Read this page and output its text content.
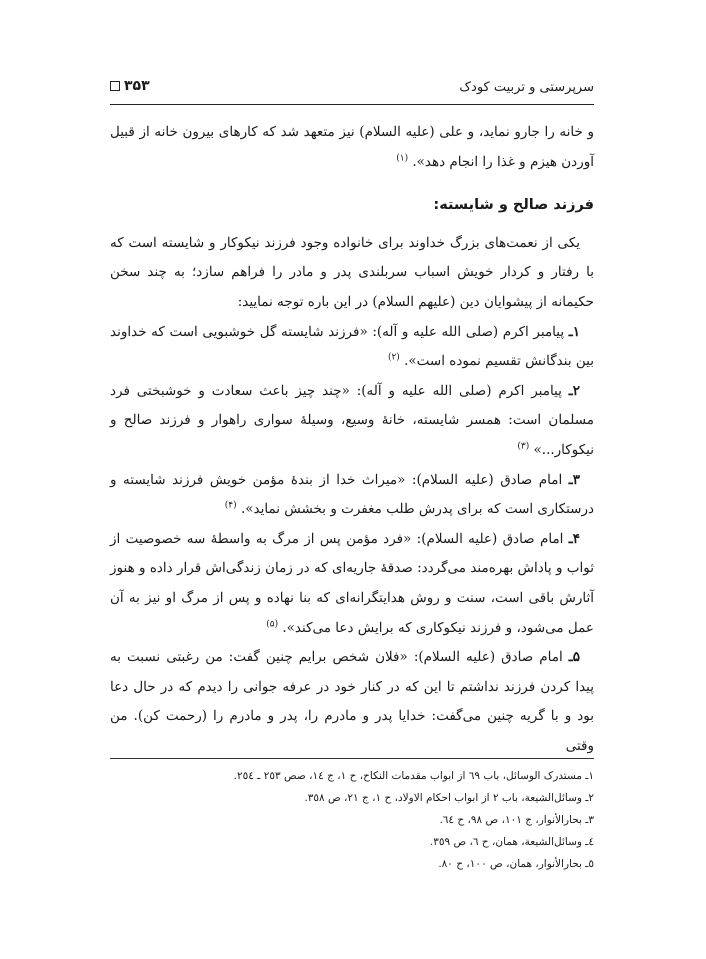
سرپرستی و تربیت کودک
۳۵۳

و خانه را جارو نماید، و علی (علیه السلام) نیز متعهد شد که کارهای بیرون خانه از قبیل آوردن هیزم و غذا را انجام دهد». $^{(۱)}$

فرزند صالح و شایسته:

یکی از نعمت‌های بزرگ خداوند برای خانواده وجود فرزند نیکوکار و شایسته است که با رفتار و کردار خویش اسباب سربلندی پدر و مادر را فراهم سازد؛ به چند سخن حکیمانه از پیشوایان دین (علیهم السلام) در این باره توجه نمایید:

۱ـ پیامبر اکرم (صلی الله علیه و آله): «فرزند شایسته گل خوشبویی است که خداوند بین بندگانش تقسیم نموده است». $^{(۲)}$

۲ـ پیامبر اکرم (صلی الله علیه و آله): «چند چیز باعث سعادت و خوشبختی فرد مسلمان است: همسر شایسته، خانهٔ وسیع، وسیلهٔ سواری راهوار و فرزند صالح و نیکوکار...» $^{(۳)}$

۳ـ امام صادق (علیه السلام): «میراث خدا از بندهٔ مؤمن خویش فرزند شایسته و درستکاری است که برای پدرش طلب مغفرت و بخشش نماید». $^{(۴)}$

۴ـ امام صادق (علیه السلام): «فرد مؤمن پس از مرگ به واسطهٔ سه خصوصیت از ثواب و پاداش بهره‌مند می‌گردد: صدقهٔ جاریه‌ای که در زمان زندگی‌اش قرار داده و هنوز آثارش باقی است، سنت و روش هدایتگرانه‌ای که بنا نهاده و پس از مرگ او نیز به آن عمل می‌شود، و فرزند نیکوکاری که برایش دعا می‌کند». $^{(۵)}$

۵ـ امام صادق (علیه السلام): «فلان شخص برایم چنین گفت: من رغبتی نسبت به پیدا کردن فرزند نداشتم تا این که در کنار خود در عرفه جوانی را دیدم که در حال دعا بود و با گریه چنین می‌گفت: خدایا پدر و مادرم را، پدر و مادرم را (رحمت کن). من وقتی

۱ـ مستدرک الوسائل، باب ٦٩ از ابواب مقدمات النکاح، ح ١، ج ١٤، صص ٢٥٣ ـ ٢٥٤.
٢ـ وسائل‌الشیعة، باب ٢ از ابواب احکام الاولاد، ح ١، ج ٢١، ص ٣٥٨.
٣ـ بحارالأنوار، ج ١٠١، ص ٩٨، ح ٦٤.
٤ـ وسائل‌الشیعة، همان، ح ٦، ص ٣٥٩.
٥ـ بحارالأنوار، همان، ص ١٠٠، ح ٨٠.
